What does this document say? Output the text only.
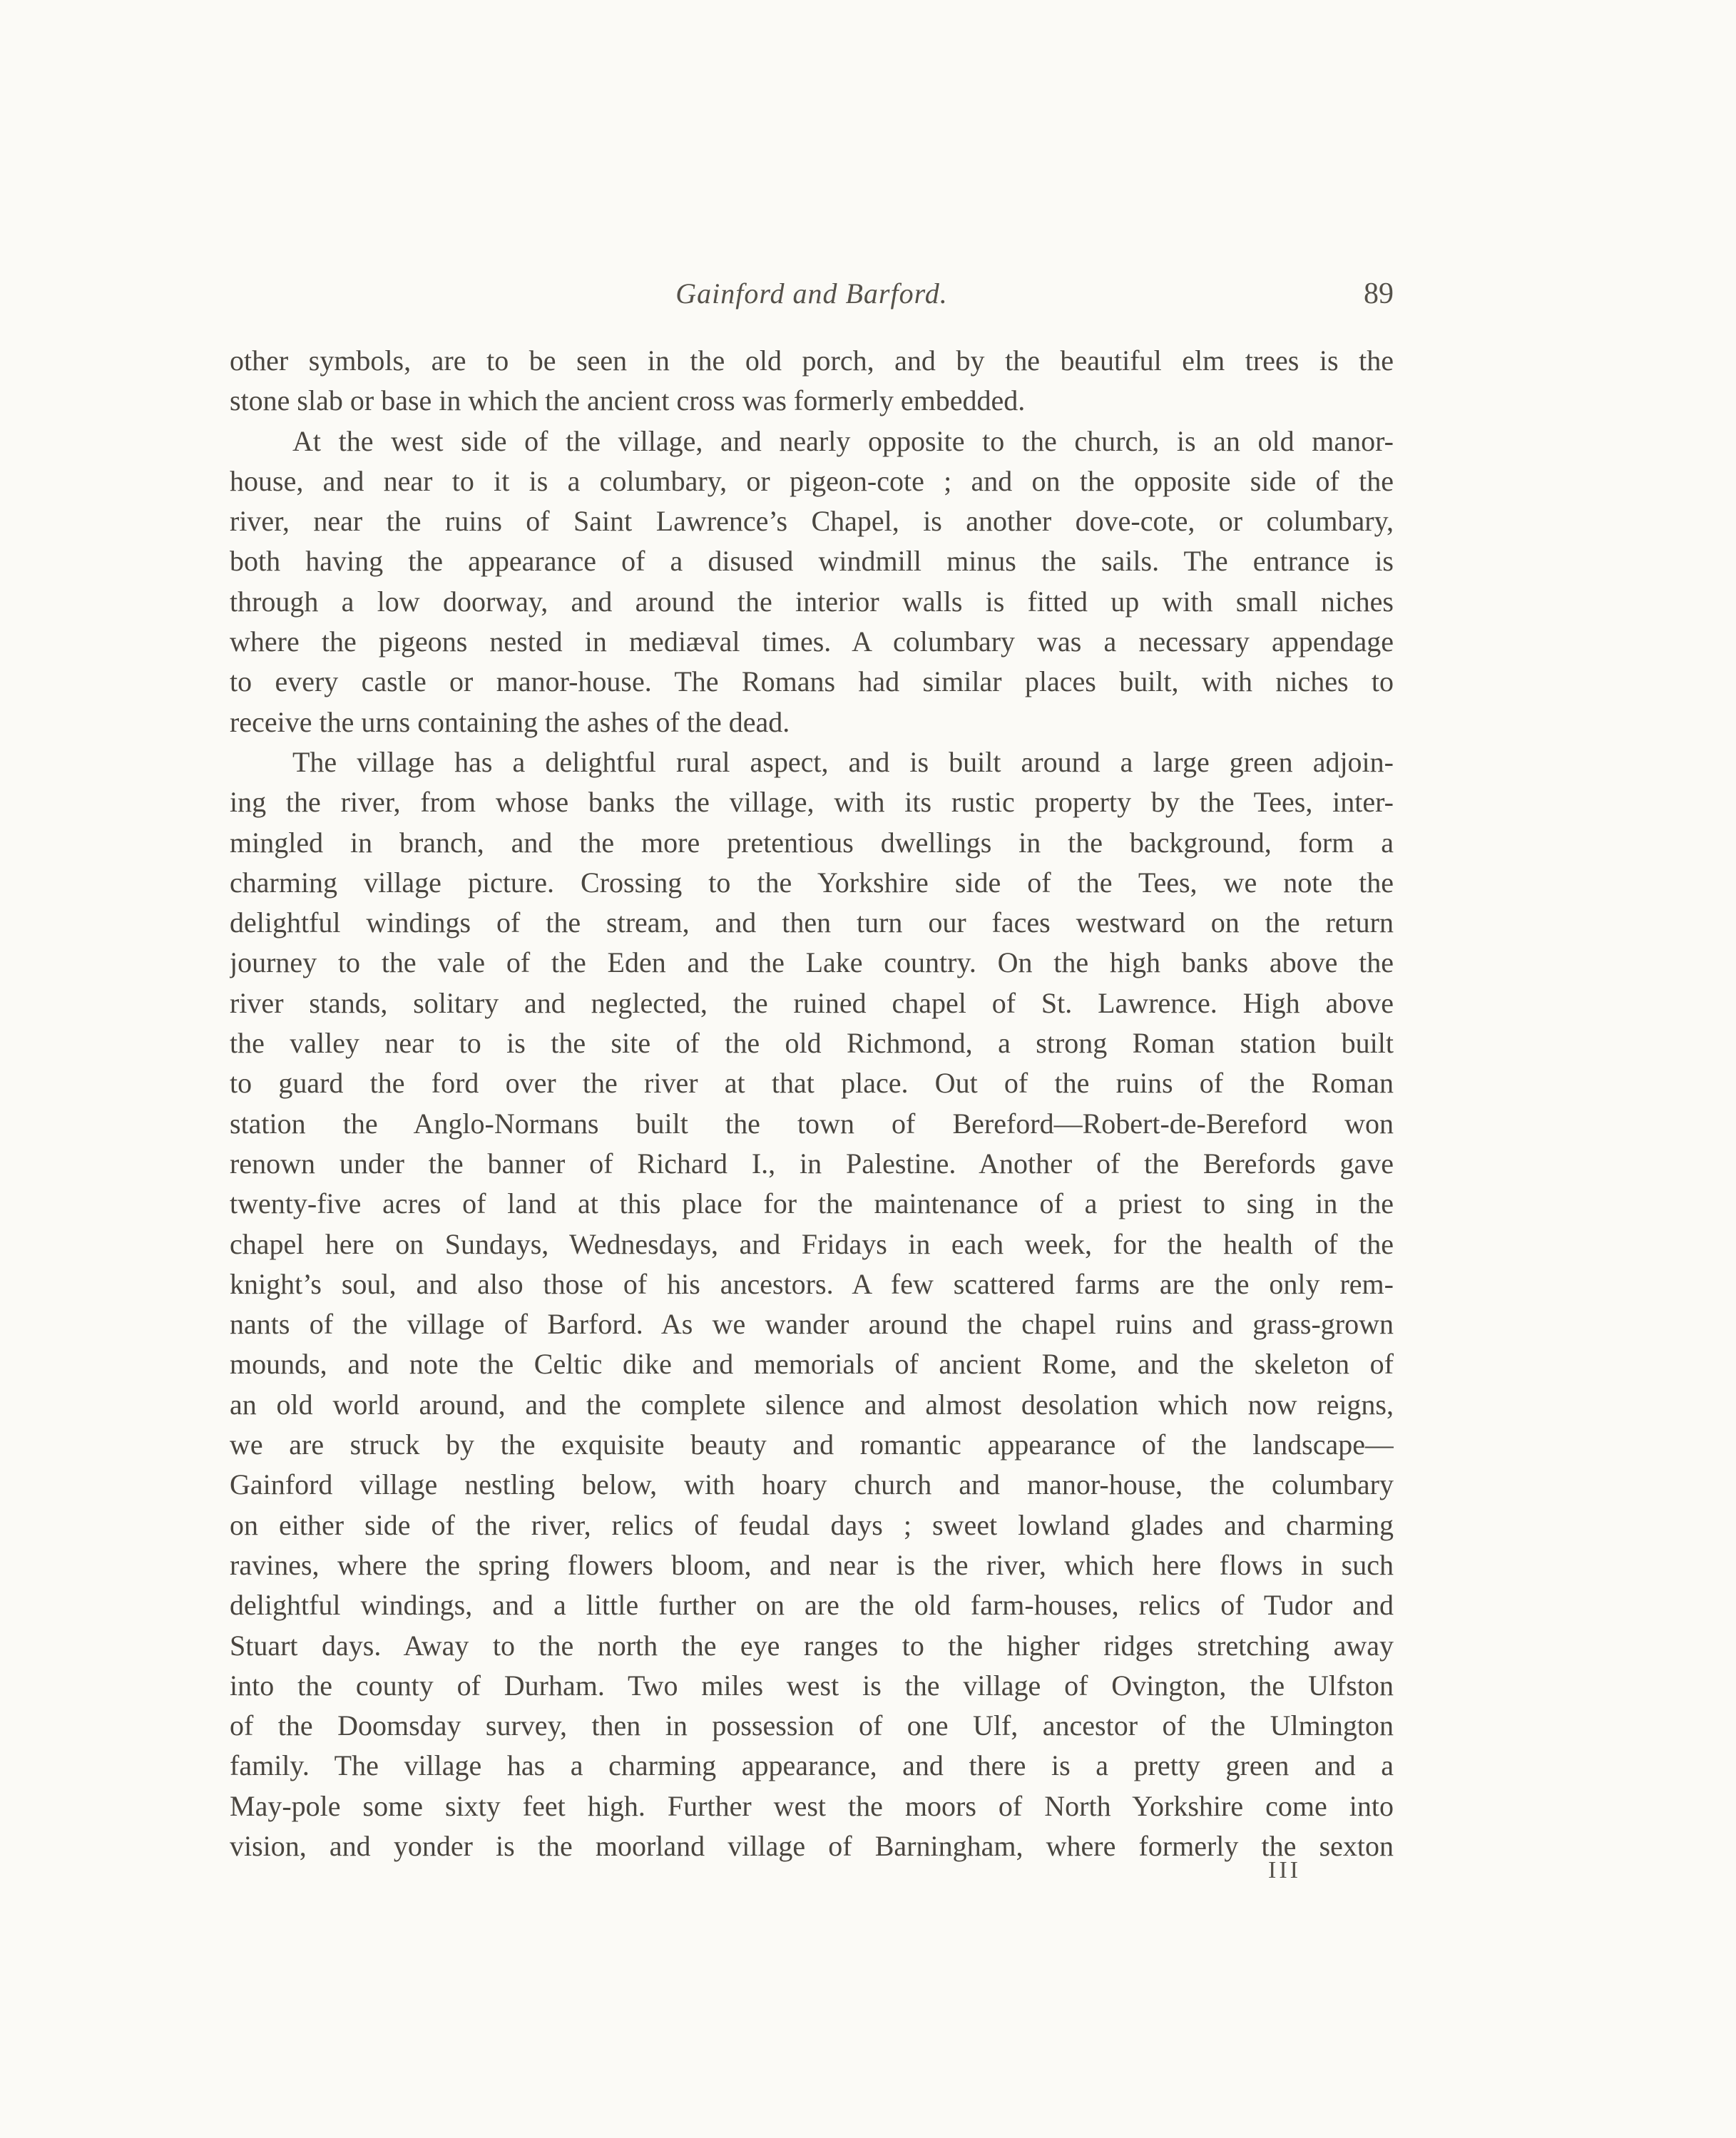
Gainford and Barford.	89
other symbols, are to be seen in the old porch, and by the beautiful elm trees is the
stone slab or base in which the ancient cross was formerly embedded.
At the west side of the village, and nearly opposite to the church, is an old manor-
house, and near to it is a columbary, or pigeon-cote ; and on the opposite side of the
river, near the ruins of Saint Lawrence’s Chapel, is another dove-cote, or columbary,
both having the appearance of a disused windmill minus the sails. The entrance is
through a low doorway, and around the interior walls is fitted up with small niches
where the pigeons nested in mediæval times. A columbary was a necessary appendage
to every castle or manor-house. The Romans had similar places built, with niches to
receive the urns containing the ashes of the dead.
The village has a delightful rural aspect, and is built around a large green adjoin-
ing the river, from whose banks the village, with its rustic property by the Tees, inter-
mingled in branch, and the more pretentious dwellings in the background, form a
charming village picture. Crossing to the Yorkshire side of the Tees, we note the
delightful windings of the stream, and then turn our faces westward on the return
journey to the vale of the Eden and the Lake country. On the high banks above the
river stands, solitary and neglected, the ruined chapel of St. Lawrence. High above
the valley near to is the site of the old Richmond, a strong Roman station built
to guard the ford over the river at that place. Out of the ruins of the Roman
station the Anglo-Normans built the town of Bereford—Robert-de-Bereford won
renown under the banner of Richard I., in Palestine. Another of the Berefords gave
twenty-five acres of land at this place for the maintenance of a priest to sing in the
chapel here on Sundays, Wednesdays, and Fridays in each week, for the health of the
knight’s soul, and also those of his ancestors. A few scattered farms are the only rem-
nants of the village of Barford. As we wander around the chapel ruins and grass-grown
mounds, and note the Celtic dike and memorials of ancient Rome, and the skeleton of
an old world around, and the complete silence and almost desolation which now reigns,
we are struck by the exquisite beauty and romantic appearance of the landscape—
Gainford village nestling below, with hoary church and manor-house, the columbary
on either side of the river, relics of feudal days ; sweet lowland glades and charming
ravines, where the spring flowers bloom, and near is the river, which here flows in such
delightful windings, and a little further on are the old farm-houses, relics of Tudor and
Stuart days. Away to the north the eye ranges to the higher ridges stretching away
into the county of Durham. Two miles west is the village of Ovington, the Ulfston
of the Doomsday survey, then in possession of one Ulf, ancestor of the Ulmington
family. The village has a charming appearance, and there is a pretty green and a
May-pole some sixty feet high. Further west the moors of North Yorkshire come into
vision, and yonder is the moorland village of Barningham, where formerly the sexton
III
